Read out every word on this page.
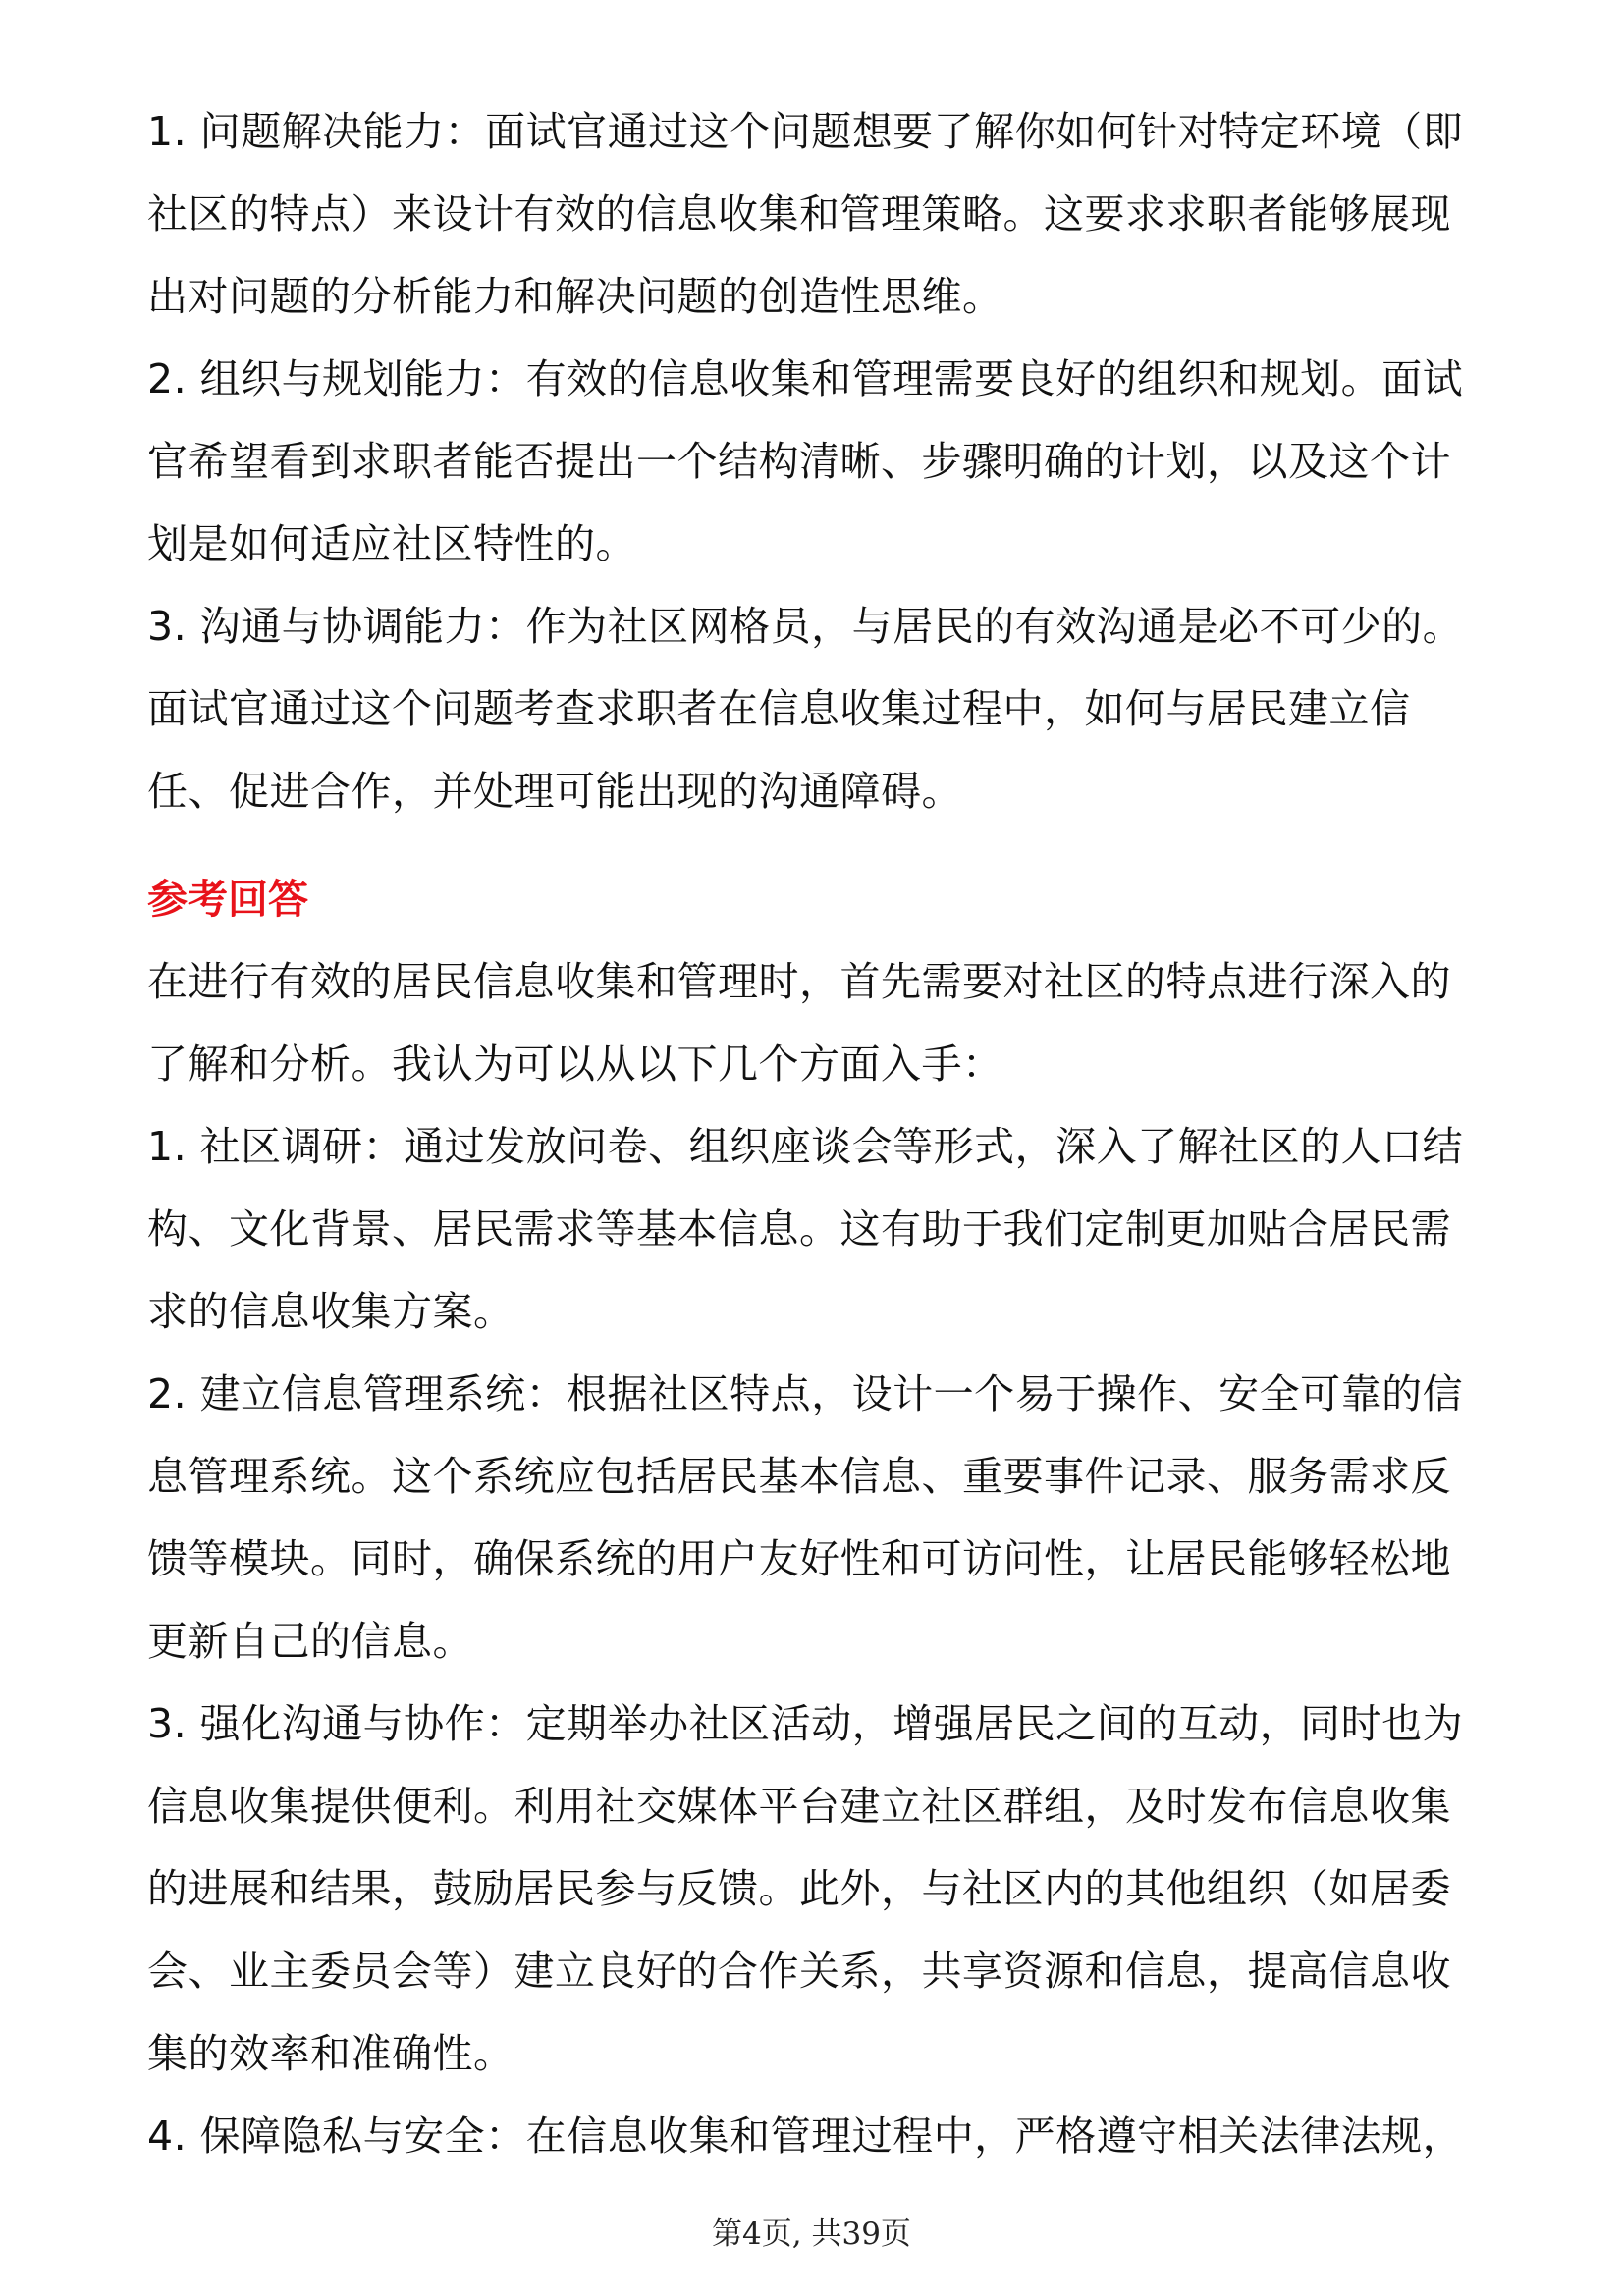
1. 问题解决能力：面试官通过这个问题想要了解你如何针对特定环境（即社区的特点）来设计有效的信息收集和管理策略。这要求求职者能够展现出对问题的分析能力和解决问题的创造性思维。

2. 组织与规划能力：有效的信息收集和管理需要良好的组织和规划。面试官希望看到求职者能否提出一个结构清晰、步骤明确的计划，以及这个计划是如何适应社区特性的。

3. 沟通与协调能力：作为社区网格员，与居民的有效沟通是必不可少的。面试官通过这个问题考查求职者在信息收集过程中，如何与居民建立信任、促进合作，并处理可能出现的沟通障碍。

参考回答

在进行有效的居民信息收集和管理时，首先需要对社区的特点进行深入的了解和分析。我认为可以从以下几个方面入手：

1. 社区调研：通过发放问卷、组织座谈会等形式，深入了解社区的人口结构、文化背景、居民需求等基本信息。这有助于我们定制更加贴合居民需求的信息收集方案。

2. 建立信息管理系统：根据社区特点，设计一个易于操作、安全可靠的信息管理系统。这个系统应包括居民基本信息、重要事件记录、服务需求反馈等模块。同时，确保系统的用户友好性和可访问性，让居民能够轻松地更新自己的信息。

3. 强化沟通与协作：定期举办社区活动，增强居民之间的互动，同时也为信息收集提供便利。利用社交媒体平台建立社区群组，及时发布信息收集的进展和结果，鼓励居民参与反馈。此外，与社区内的其他组织（如居委会、业主委员会等）建立良好的合作关系，共享资源和信息，提高信息收集的效率和准确性。

4. 保障隐私与安全：在信息收集和管理过程中，严格遵守相关法律法规，

第4页, 共39页
